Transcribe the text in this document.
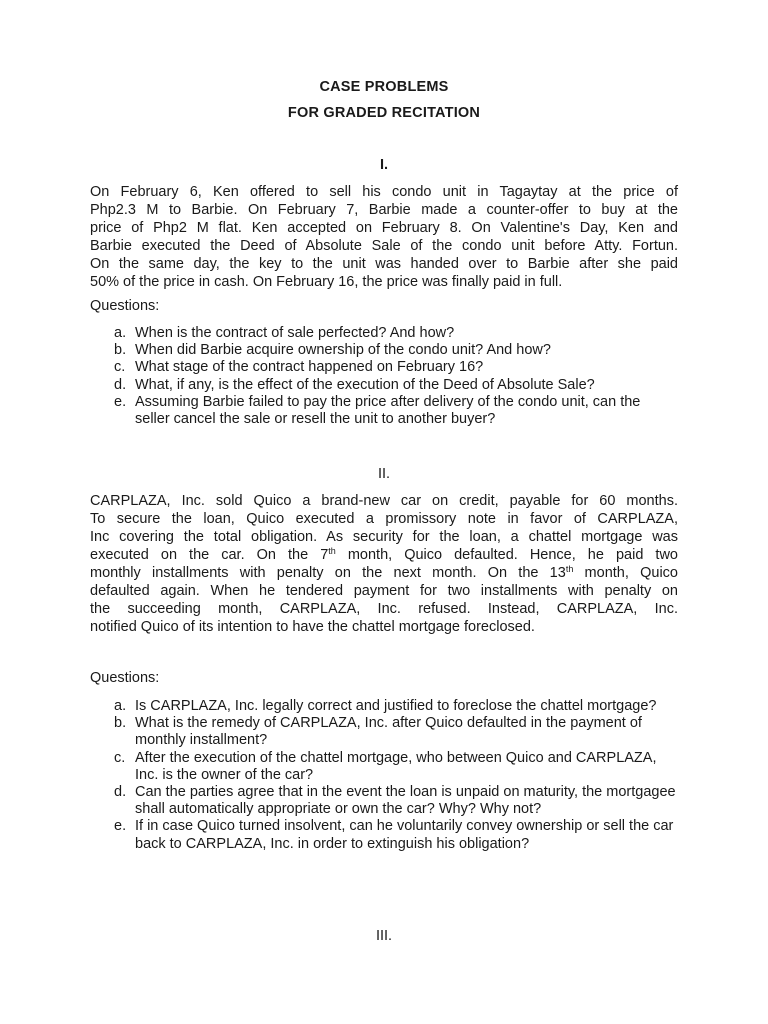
CASE PROBLEMS
FOR GRADED RECITATION
I.
On February 6, Ken offered to sell his condo unit in Tagaytay at the price of
Php2.3 M to Barbie. On February 7, Barbie made a counter-offer to buy at the
price of Php2 M flat. Ken accepted on February 8. On Valentine's Day, Ken and
Barbie executed the Deed of Absolute Sale of the condo unit before Atty. Fortun.
On the same day, the key to the unit was handed over to Barbie after she paid
50% of the price in cash. On February 16, the price was finally paid in full.
Questions:
a. When is the contract of sale perfected? And how?
b. When did Barbie acquire ownership of the condo unit? And how?
c. What stage of the contract happened on February 16?
d. What, if any, is the effect of the execution of the Deed of Absolute Sale?
e. Assuming Barbie failed to pay the price after delivery of the condo unit, can the seller cancel the sale or resell the unit to another buyer?
II.
CARPLAZA, Inc. sold Quico a brand-new car on credit, payable for 60 months.
To secure the loan, Quico executed a promissory note in favor of CARPLAZA,
Inc covering the total obligation. As security for the loan, a chattel mortgage was
executed on the car. On the 7th month, Quico defaulted. Hence, he paid two
monthly installments with penalty on the next month. On the 13th month, Quico
defaulted again. When he tendered payment for two installments with penalty on
the succeeding month, CARPLAZA, Inc. refused. Instead, CARPLAZA, Inc.
notified Quico of its intention to have the chattel mortgage foreclosed.
Questions:
a. Is CARPLAZA, Inc. legally correct and justified to foreclose the chattel mortgage?
b. What is the remedy of CARPLAZA, Inc. after Quico defaulted in the payment of monthly installment?
c. After the execution of the chattel mortgage, who between Quico and CARPLAZA, Inc. is the owner of the car?
d. Can the parties agree that in the event the loan is unpaid on maturity, the mortgagee shall automatically appropriate or own the car? Why? Why not?
e. If in case Quico turned insolvent, can he voluntarily convey ownership or sell the car back to CARPLAZA, Inc. in order to extinguish his obligation?
III.
